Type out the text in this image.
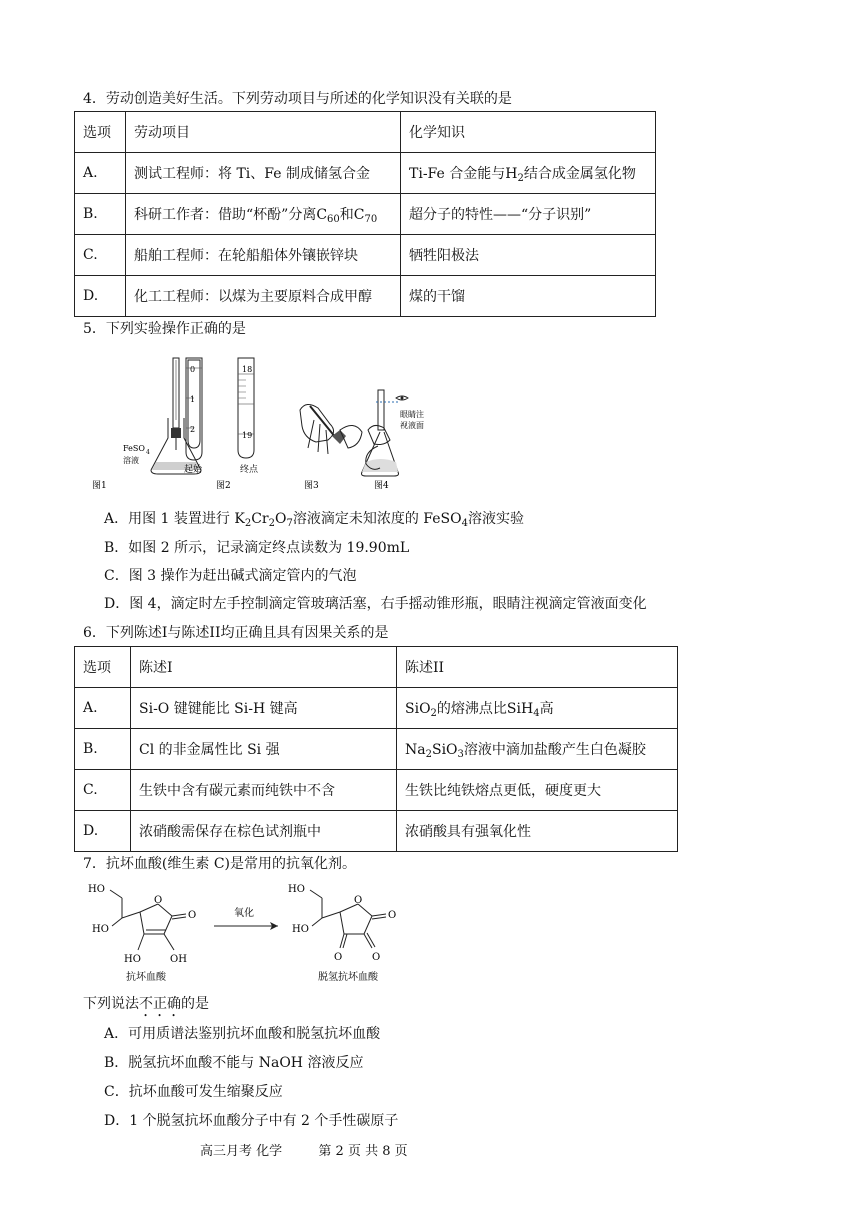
4．劳动创造美好生活。下列劳动项目与所述的化学知识没有关联的是
选项	劳动项目	化学知识
A.	测试工程师：将 Ti、Fe 制成储氢合金	Ti-Fe 合金能与$H_2$结合成金属氢化物
B.	科研工作者：借助“杯酚”分离$C_{60}$和$C_{70}$	超分子的特性——“分子识别”
C.	船舶工程师：在轮船船体外镶嵌锌块	牺牲阳极法
D.	化工工程师：以煤为主要原料合成甲醇	煤的干馏
5．下列实验操作正确的是
FeSO 4
溶液
图1
0
1
2
起始
18
19
终点
图2	图3
眼睛注
视液面
图4
A．用图 1 装置进行 $K_2Cr_2O_7$溶液滴定未知浓度的 FeSO$_4$溶液实验
B．如图 2 所示，记录滴定终点读数为 19.90mL
C．图 3 操作为赶出碱式滴定管内的气泡
D．图 4，滴定时左手控制滴定管玻璃活塞，右手摇动锥形瓶，眼睛注视滴定管液面变化
6．下列陈述I与陈述II均正确且具有因果关系的是
选项	陈述I	陈述II
A.	Si-O 键键能比 Si-H 键高	SiO$_2$的熔沸点比SiH$_4$高
B.	Cl 的非金属性比 Si 强	$Na_2SiO_3$溶液中滴加盐酸产生白色凝胶
C.	生铁中含有碳元素而纯铁中不含	生铁比纯铁熔点更低，硬度更大
D.	浓硝酸需保存在棕色试剂瓶中	浓硝酸具有强氧化性
7．抗坏血酸(维生素 C)是常用的抗氧化剂。
HO
HO
O
O
HO	OH
抗坏血酸
氧化
HO
HO
O
O
O	O
脱氢抗坏血酸
下列说法不正确的是
A．可用质谱法鉴别抗坏血酸和脱氢抗坏血酸
B．脱氢抗坏血酸不能与 NaOH 溶液反应
C．抗坏血酸可发生缩聚反应
D．1 个脱氢抗坏血酸分子中有 2 个手性碳原子
高三月考 化学	第 2 页 共 8 页
